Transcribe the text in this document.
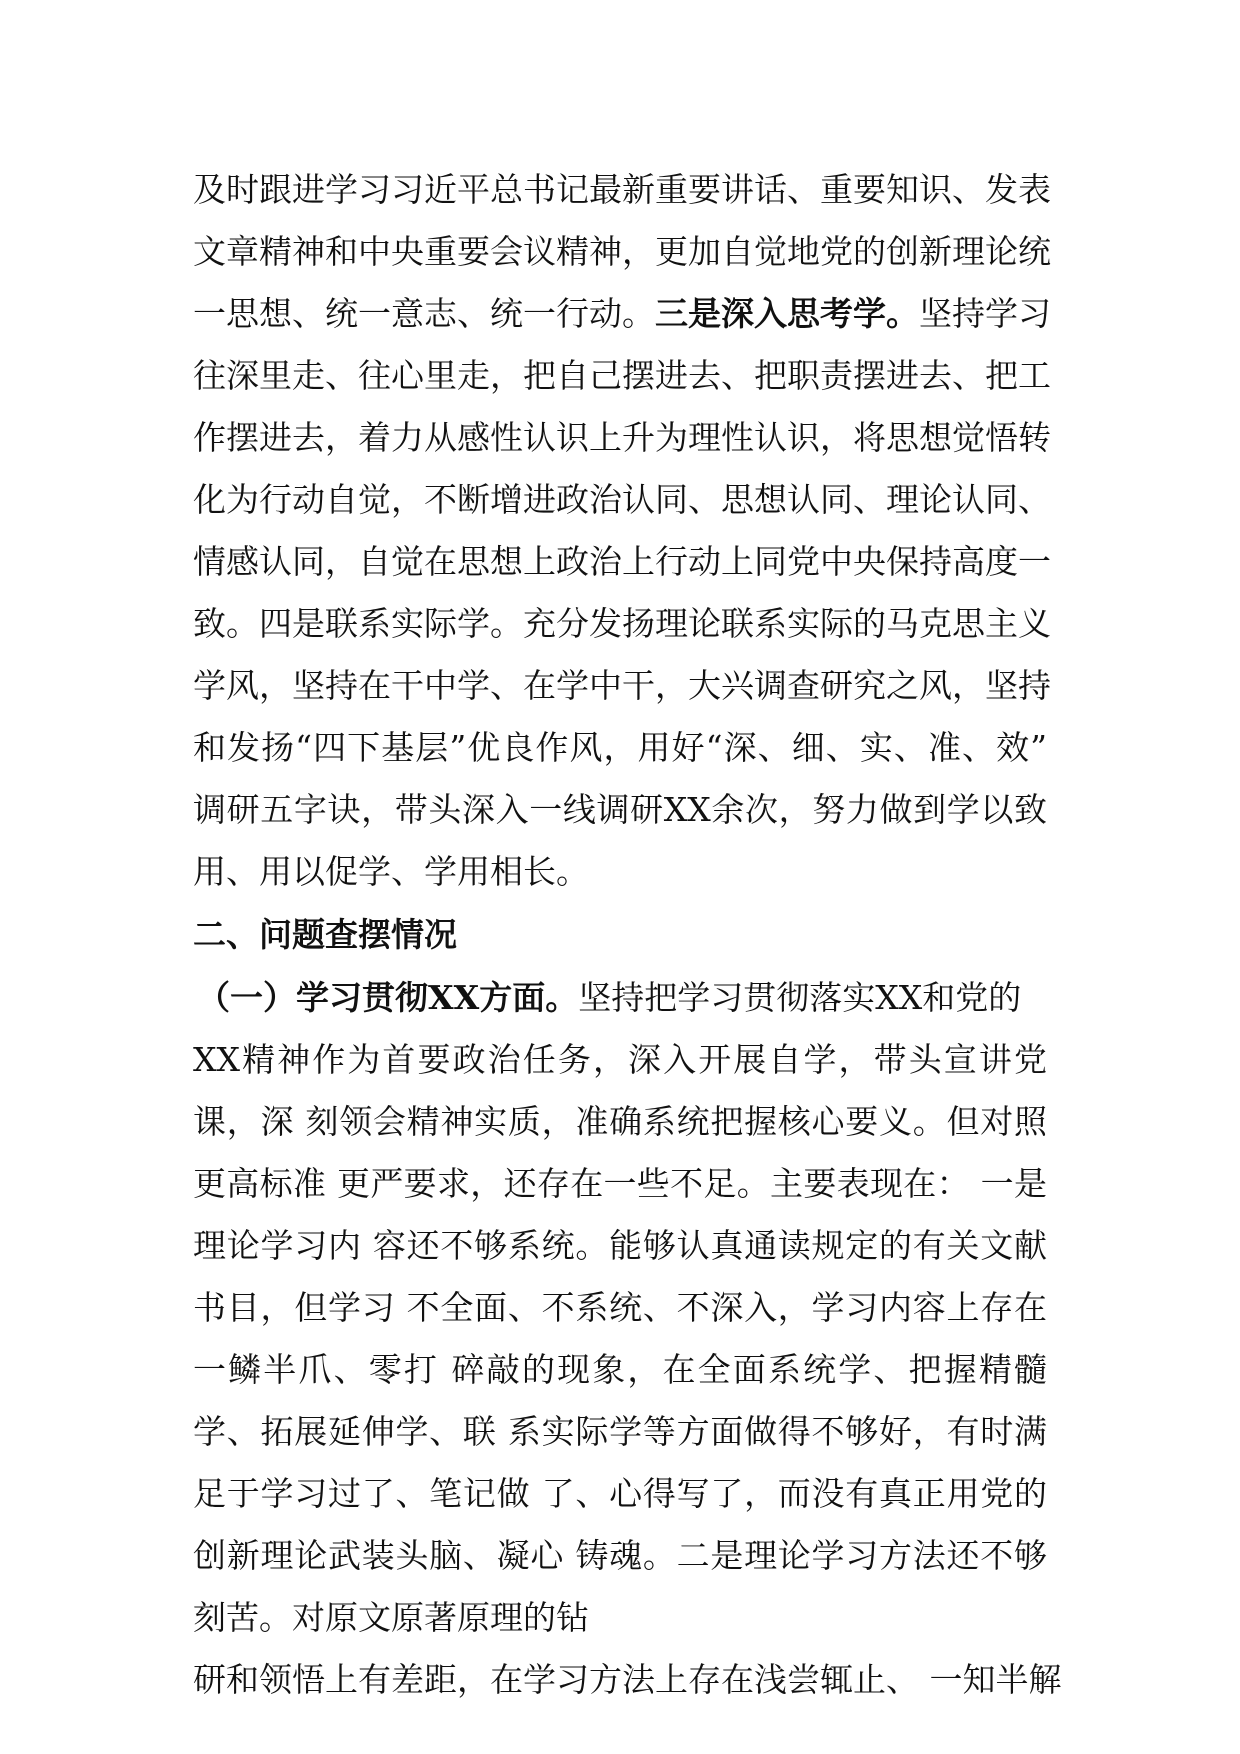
及时跟进学习习近平总书记最新重要讲话、重要知识、发表
文章精神和中央重要会议精神，更加自觉地党的创新理论统
一思想、统一意志、统一行动。三是深入思考学。坚持学习
往深里走、往心里走，把自己摆进去、把职责摆进去、把工
作摆进去，着力从感性认识上升为理性认识，将思想觉悟转
化为行动自觉，不断增进政治认同、思想认同、理论认同、
情感认同，自觉在思想上政治上行动上同党中央保持高度一
致。四是联系实际学。充分发扬理论联系实际的马克思主义
学风，坚持在干中学、在学中干，大兴调查研究之风，坚持
和发扬“四下基层”优良作风，用好“深、细、实、准、效”
调研五字诀，带头深入一线调研XX余次，努力做到学以致
用、用以促学、学用相长。
二、问题查摆情况
（一）学习贯彻XX方面。坚持把学习贯彻落实XX和党的
XX精神作为首要政治任务，深入开展自学，带头宣讲党
课，深 刻领会精神实质，准确系统把握核心要义。但对照
更高标准 更严要求，还存在一些不足。主要表现在： 一是
理论学习内 容还不够系统。能够认真通读规定的有关文献
书目，但学习 不全面、不系统、不深入，学习内容上存在
一鳞半爪、零打 碎敲的现象，在全面系统学、把握精髓
学、拓展延伸学、联 系实际学等方面做得不够好，有时满
足于学习过了、笔记做 了、心得写了，而没有真正用党的
创新理论武装头脑、凝心 铸魂。二是理论学习方法还不够
刻苦。对原文原著原理的钻
研和领悟上有差距，在学习方法上存在浅尝辄止、 一知半解
